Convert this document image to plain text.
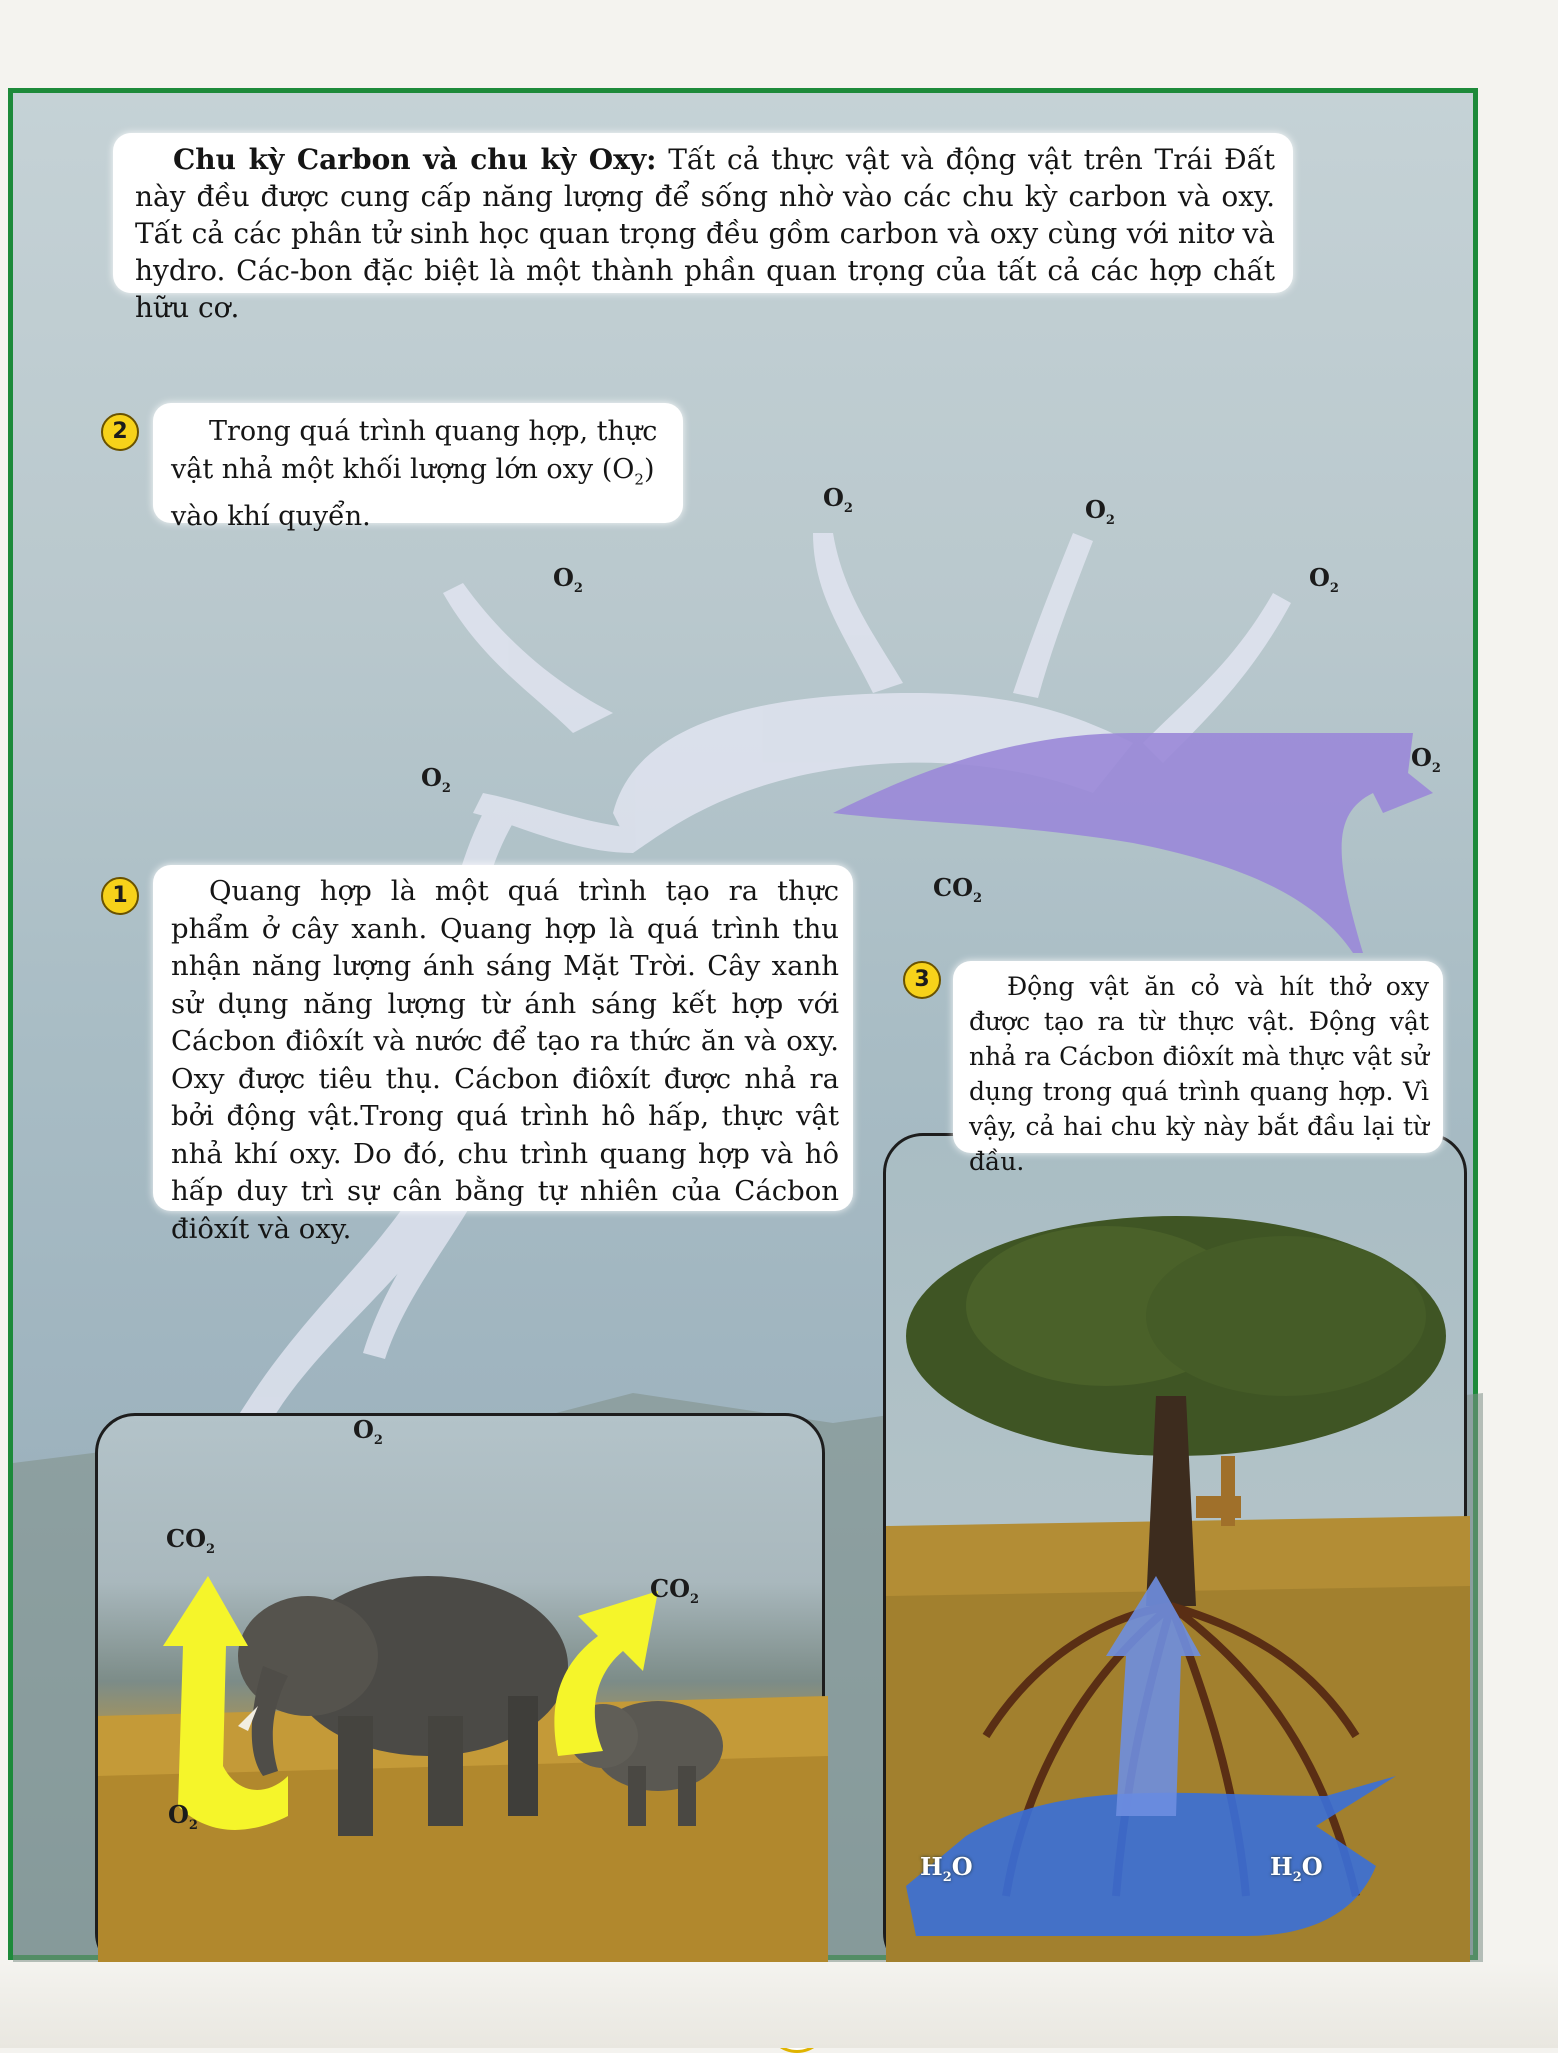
Chu kỳ Carbon và chu kỳ Oxy: Tất cả thực vật và động vật trên Trái Đất này đều được cung cấp năng lượng để sống nhờ vào các chu kỳ carbon và oxy. Tất cả các phân tử sinh học quan trọng đều gồm carbon và oxy cùng với nitơ và hydro. Các-bon đặc biệt là một thành phần quan trọng của tất cả các hợp chất hữu cơ.
2	Trong quá trình quang hợp, thực vật nhả một khối lượng lớn oxy $(O_2)$ vào khí quyển.
1	Quang hợp là một quá trình tạo ra thực phẩm ở cây xanh. Quang hợp là quá trình thu nhận năng lượng ánh sáng Mặt Trời. Cây xanh sử dụng năng lượng từ ánh sáng kết hợp với Cácbon điôxít và nước để tạo ra thức ăn và oxy. Oxy được tiêu thụ. Cácbon điôxít được nhả ra bởi động vật.Trong quá trình hô hấp, thực vật nhả khí oxy. Do đó, chu trình quang hợp và hô hấp duy trì sự cân bằng tự nhiên của Cácbon điôxít và oxy.
$O_2$	$O_2$
$O_2$	$O_2$
$O_2$
$O_2$
$CO_2$
$CO_2$
$CO_2$
$O_2$
$O_2$
$H_2O$	$H_2O$
3	Động vật ăn cỏ và hít thở oxy được tạo ra từ thực vật. Động vật nhả ra Cácbon điôxít mà thực vật sử dụng trong quá trình quang hợp. Vì vậy, cả hai chu kỳ này bắt đầu lại từ đầu.
